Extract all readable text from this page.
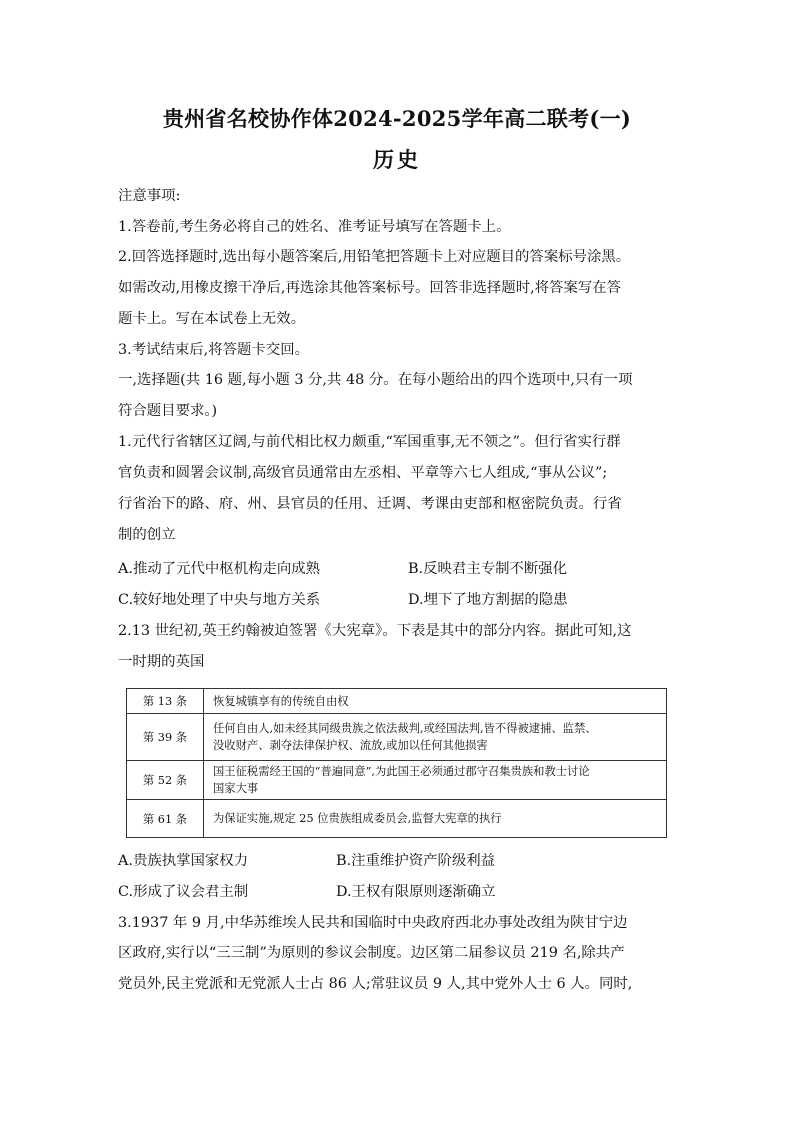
贵州省名校协作体2024-2025学年高二联考(一)
历史
注意事项:
1.答卷前,考生务必将自己的姓名、准考证号填写在答题卡上。
2.回答选择题时,选出每小题答案后,用铅笔把答题卡上对应题目的答案标号涂黑。
如需改动,用橡皮擦干净后,再选涂其他答案标号。回答非选择题时,将答案写在答
题卡上。写在本试卷上无效。
3.考试结束后,将答题卡交回。
一,选择题(共 16 题,每小题 3 分,共 48 分。在每小题给出的四个选项中,只有一项
符合题目要求。)
1.元代行省辖区辽阔,与前代相比权力颇重,“军国重事,无不领之”。但行省实行群
官负责和圆署会议制,高级官员通常由左丞相、平章等六七人组成,“事从公议”;
行省治下的路、府、州、县官员的任用、迁调、考课由吏部和枢密院负责。行省
制的创立
A.推动了元代中枢机构走向成熟	B.反映君主专制不断强化
C.较好地处理了中央与地方关系	D.埋下了地方割据的隐患
2.13 世纪初,英王约翰被迫签署《大宪章》。下表是其中的部分内容。据此可知,这
一时期的英国
第 13 条	恢复城镇享有的传统自由权

第 39 条	任何自由人,如未经其同级贵族之依法裁判,或经国法判,皆不得被逮捕、监禁、
没收财产、剥夺法律保护权、流放,或加以任何其他损害

第 52 条	国王征税需经王国的“普遍同意”,为此国王必须通过郡守召集贵族和教士讨论
国家大事

第 61 条	为保证实施,规定 25 位贵族组成委员会,监督大宪章的执行
A.贵族执掌国家权力	B.注重维护资产阶级利益
C.形成了议会君主制	D.王权有限原则逐渐确立
3.1937 年 9 月,中华苏维埃人民共和国临时中央政府西北办事处改组为陕甘宁边
区政府,实行以“三三制”为原则的参议会制度。边区第二届参议员 219 名,除共产
党员外,民主党派和无党派人士占 86 人;常驻议员 9 人,其中党外人士 6 人。同时,
